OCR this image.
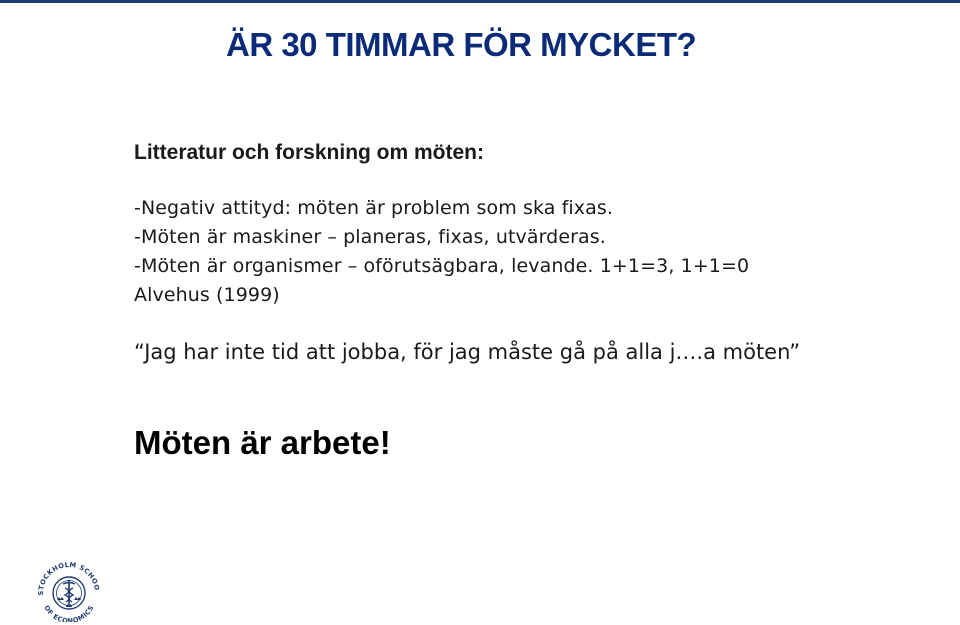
ÄR 30 TIMMAR FÖR MYCKET?
Litteratur och forskning om möten:
-Negativ attityd: möten är problem som ska fixas.
-Möten är maskiner – planeras, fixas, utvärderas.
-Möten är organismer – oförutsägbara, levande. 1+1=3, 1+1=0
Alvehus (1999)
“Jag har inte tid att jobba, för jag måste gå på alla j….a möten”
Möten är arbete!
STOCKHOLM SCHOO
OF ECONOMICS
